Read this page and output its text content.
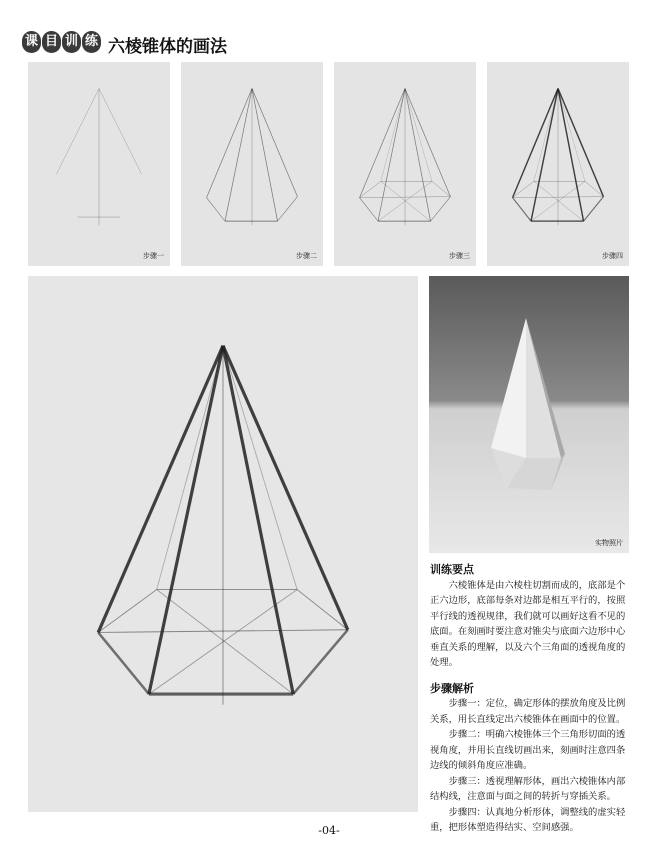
课 目 训 练 六棱锥体的画法
步骤一	步骤二	步骤三	步骤四
实物照片
训练要点

六棱锥体是由六棱柱切割而成的，底部是个正六边形，底部每条对边都是相互平行的，按照平行线的透视规律，我们就可以画好这看不见的底面。在刻画时要注意对锥尖与底面六边形中心垂直关系的理解，以及六个三角面的透视角度的处理。

步骤解析

步骤一：定位，确定形体的摆放角度及比例关系，用长直线定出六棱锥体在画面中的位置。

步骤二：明确六棱锥体三个三角形切面的透视角度，并用长直线切画出来，刻画时注意四条边线的倾斜角度应准确。

步骤三：透视理解形体，画出六棱锥体内部结构线，注意面与面之间的转折与穿插关系。

步骤四：认真地分析形体，调整线的虚实轻重，把形体塑造得结实、空间感强。

-04-
